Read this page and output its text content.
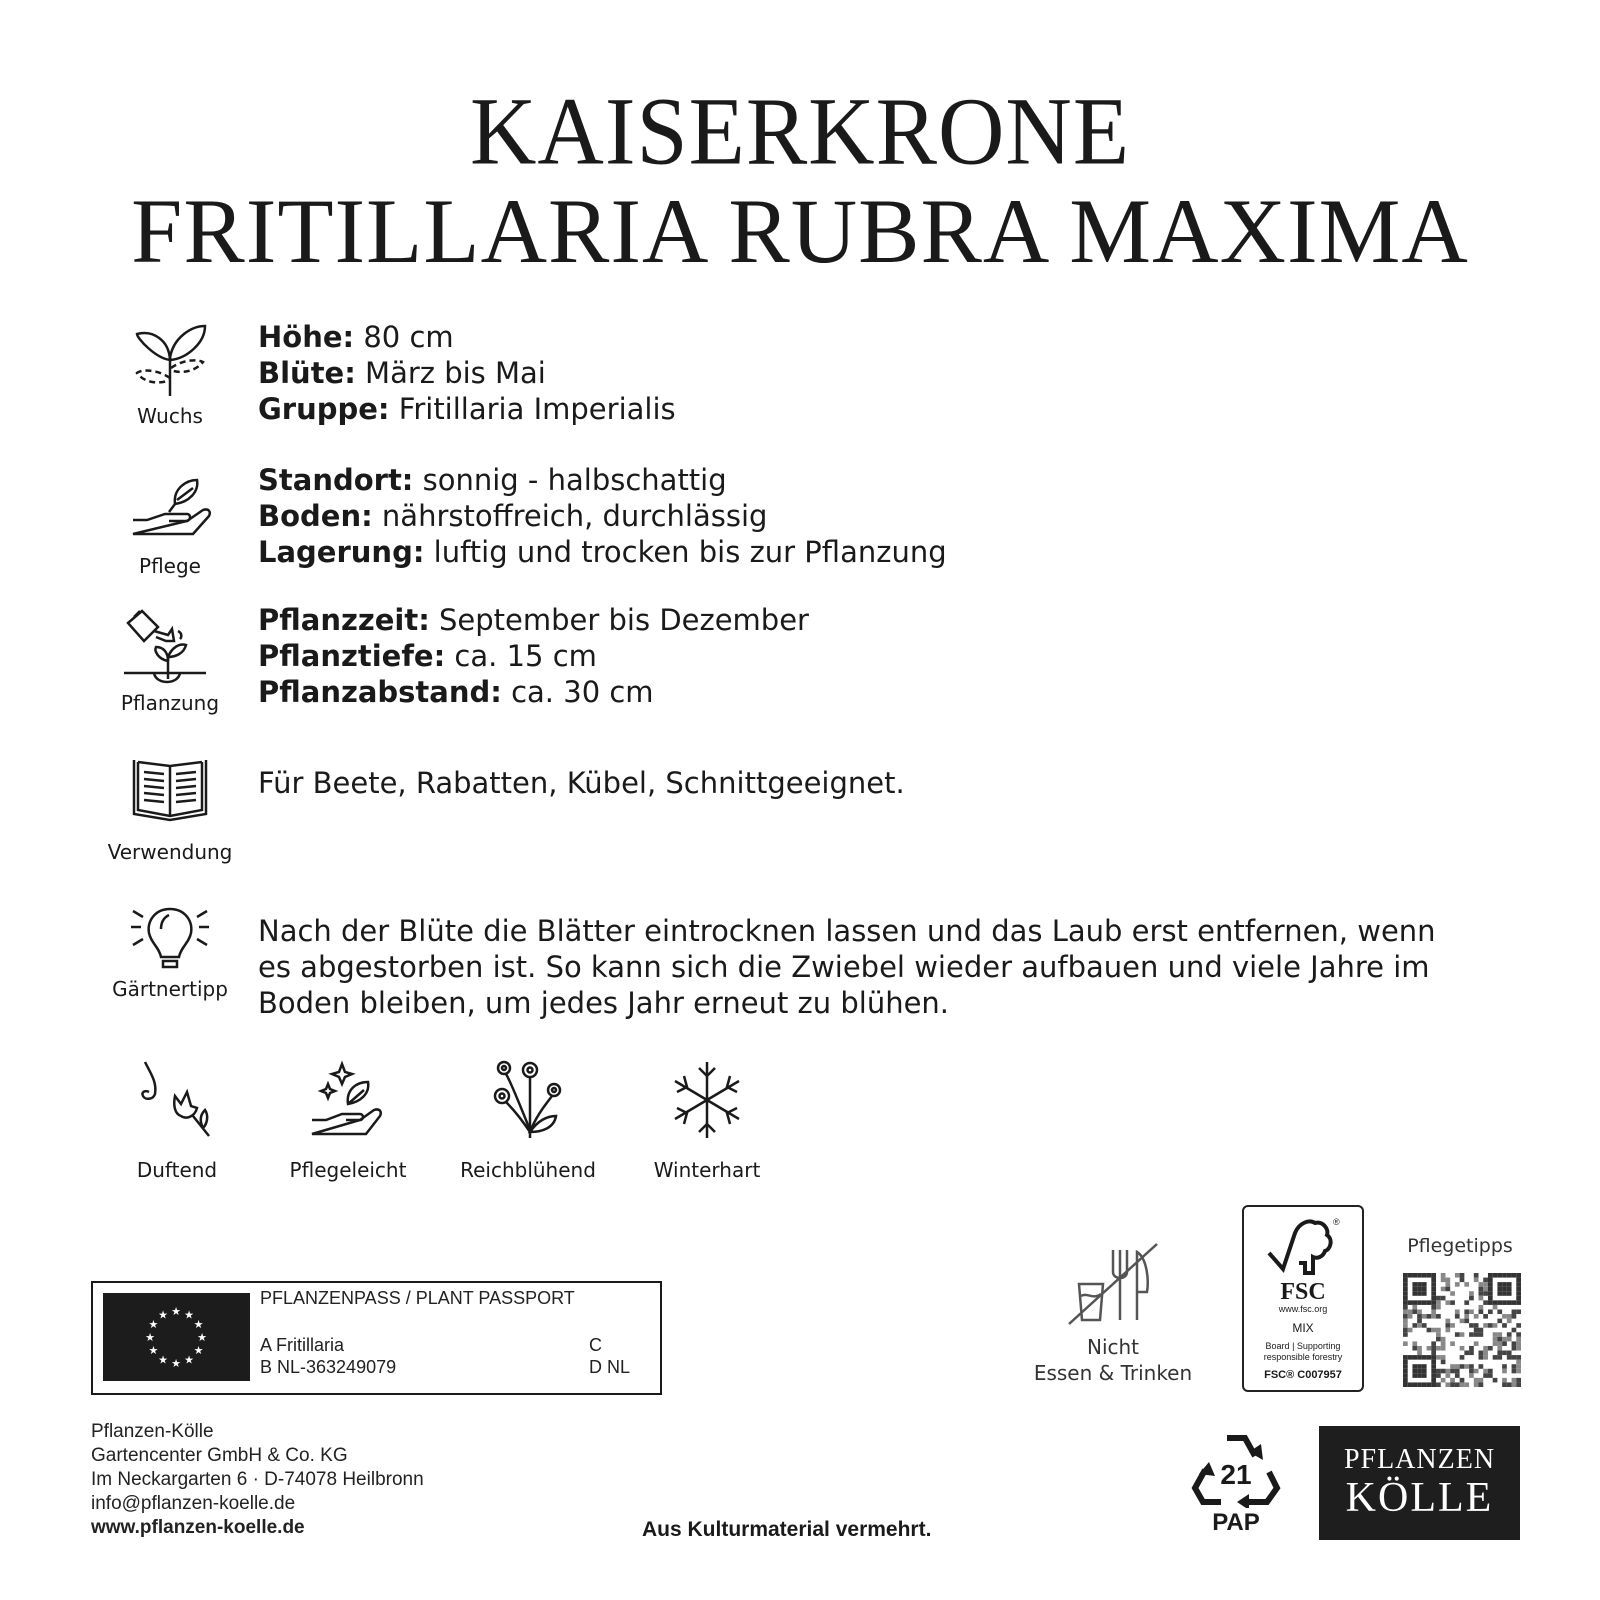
KAISERKRONE
FRITILLARIA RUBRA MAXIMA
Wuchs
Höhe: 80 cm
Blüte: März bis Mai
Gruppe: Fritillaria Imperialis
Pflege
Standort: sonnig - halbschattig
Boden: nährstoffreich, durchlässig
Lagerung: luftig und trocken bis zur Pflanzung
Pflanzung
Pflanzzeit: September bis Dezember
Pflanztiefe: ca. 15 cm
Pflanzabstand: ca. 30 cm
Verwendung
Für Beete, Rabatten, Kübel, Schnittgeeignet.
Gärtnertipp
Nach der Blüte die Blätter eintrocknen lassen und das Laub erst entfernen, wenn es abgestorben ist. So kann sich die Zwiebel wieder aufbauen und viele Jahre im Boden bleiben, um jedes Jahr erneut zu blühen.
Duftend	Pflegeleicht	Reichblühend	Winterhart
★ ★
★
★
★
★
★
★
★
★
★
★
PFLANZENPASS / PLANT PASSPORT
A Fritillaria
B NL-363249079
C
D NL
Pflanzen-Kölle
Gartencenter GmbH & Co. KG
Im Neckargarten 6 · D-74078 Heilbronn
info@pflanzen-koelle.de
www.pflanzen-koelle.de	Aus Kulturmaterial vermehrt.
Nicht
Essen & Trinken
®
FSC
www.fsc.org
MIX
Board | Supporting
responsible forestry
FSC® C007957
Pflegetipps
21
PAP
PFLANZEN
KÖLLE
